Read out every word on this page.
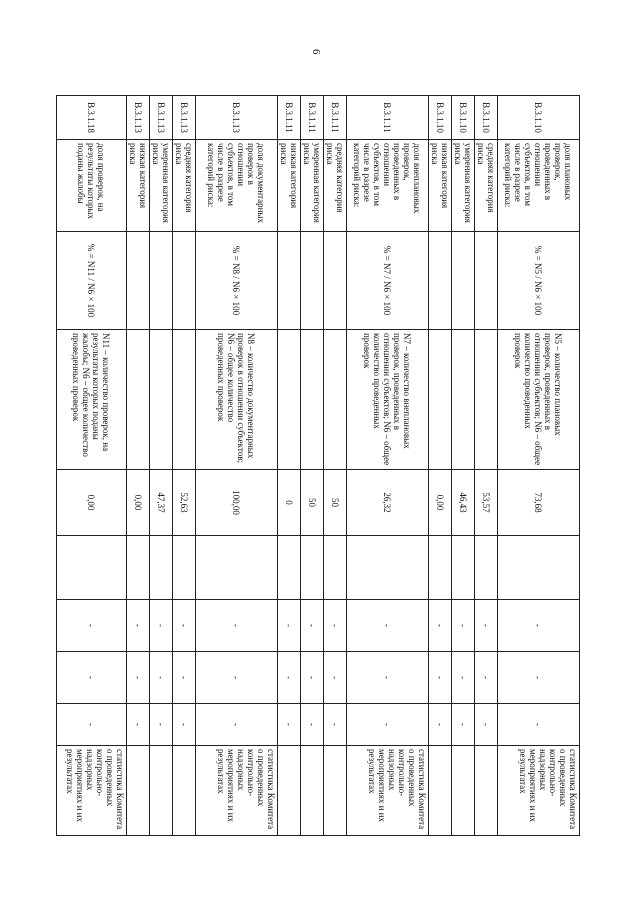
6
В.3.1.10	доля плановых проверок, проведенных в отношении субъектов, в том числе в разрезе категорий риска:	% = N5 / N6 × 100	N5 – количество плановых проверок, проведенных в отношении субъектов; N6 – общее количество проведенных проверок	73,68		-	-	-	статистика Комитета о проведенных контрольно-надзорных мероприятиях и их результатах
В.3.1.10	средняя категория риска			53,57		-	-	-	
В.3.1.10	умеренная категория риска			46,43		-	-	-	
В.3.1.10	низкая категория риска			0,00		-	-	-	
В.3.1.11	доля внеплановых проверок, проведенных в отношении субъектов, в том числе в разрезе категорий риска:	% = N7 / N6 × 100	N7 – количество внеплановых проверок, проведенных в отношении субъектов; N6 – общее количество проведенных проверок	26,32		-	-	-	статистика Комитета о проведенных контрольно-надзорных мероприятиях и их результатах
В.3.1.11	средняя категория риска			50		-	-	-	
В.3.1.11	умеренная категория риска			50		-	-	-	
В.3.1.11	низкая категория риска			0		-	-	-	
В.3.1.13	доля документарных проверок в отношении субъектов, в том числе в разрезе категорий риска:	% = N8 / N6 × 100	N8 – количество документарных проверок в отношении субъектов; N6 – общее количество проведенных проверок	100,00		-	-	-	статистика Комитета о проведенных контрольно-надзорных мероприятиях и их результатах
В.3.1.13	средняя категория риска			52,63		-	-	-	
В.3.1.13	умеренная категория риска			47,37		-	-	-	
В.3.1.13	низкая категория риска			0,00		-	-	-	
В.3.1.18	доля проверок, на результаты которых поданы жалобы	% = N11 / N6 × 100	N11 – количество проверок, на результаты которых поданы жалобы; N6 – общее количество проведенных проверок	0,00		-	-	-	статистика Комитета о проведенных контрольно-надзорных мероприятиях и их результатах
